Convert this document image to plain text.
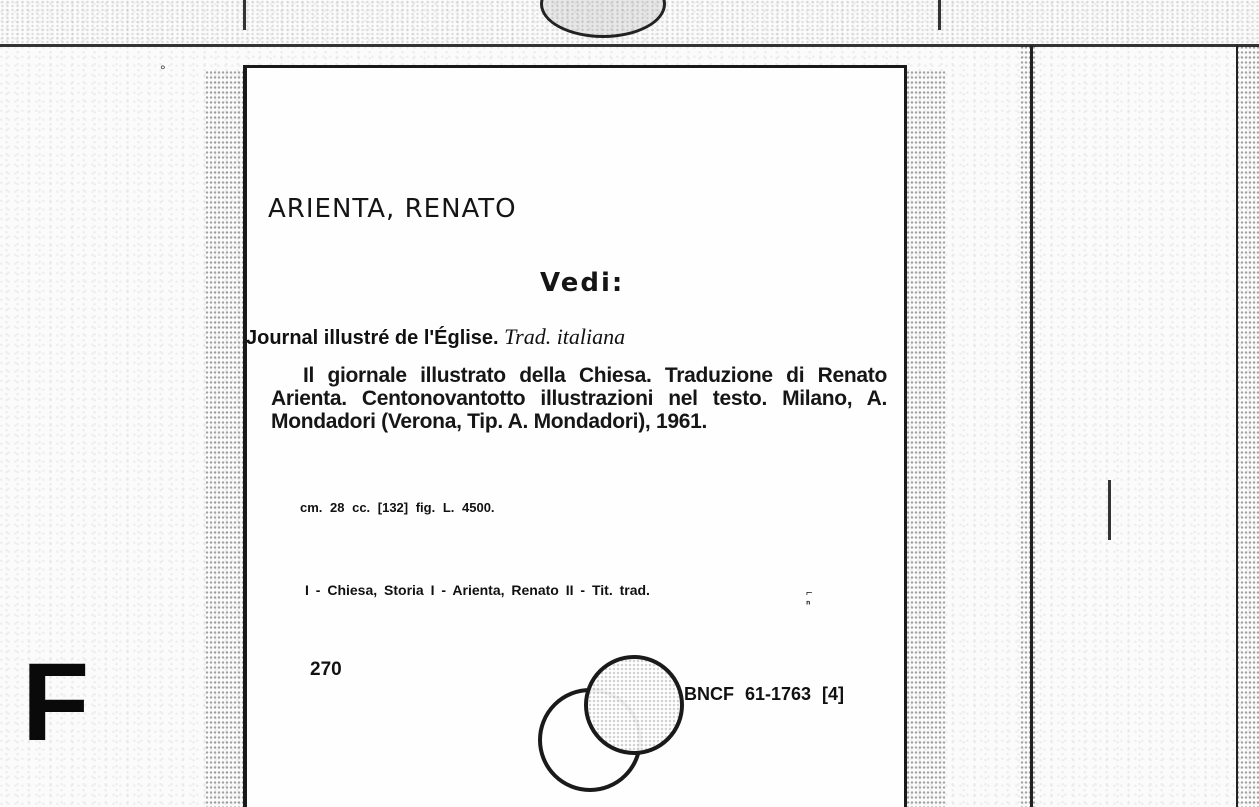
°
ARIENTA, RENATO
Vedi:
Journal illustré de l'Église. Trad. italiana
Il giornale illustrato della Chiesa. Traduzione di Renato Arienta. Centonovantotto illustrazioni nel testo. Milano, A. Mondadori (Verona, Tip. A. Mondadori), 1961.
cm. 28 cc. [132] fig. L. 4500.
I - Chiesa, Storia I - Arienta, Renato II - Tit. trad.	⌐
ⁿ
270
BNCF 61-1763 [4]
F
